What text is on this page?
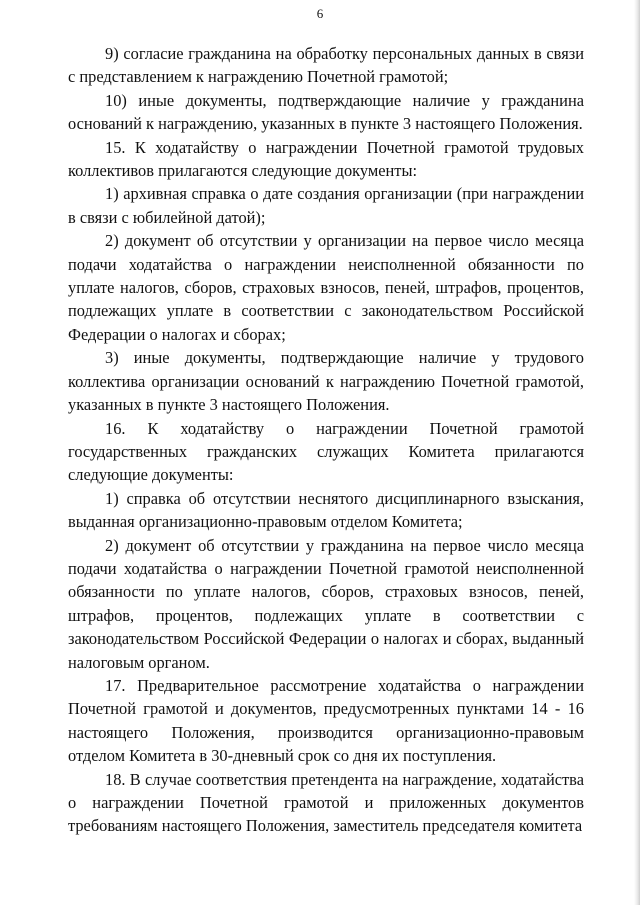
6

9) согласие гражданина на обработку персональных данных в связи с представлением к награждению Почетной грамотой;

10) иные документы, подтверждающие наличие у гражданина оснований к награждению, указанных в пункте 3 настоящего Положения.

15. К ходатайству о награждении Почетной грамотой трудовых коллективов прилагаются следующие документы:

1) архивная справка о дате создания организации (при награждении в связи с юбилейной датой);

2) документ об отсутствии у организации на первое число месяца подачи ходатайства о награждении неисполненной обязанности по уплате налогов, сборов, страховых взносов, пеней, штрафов, процентов, подлежащих уплате в соответствии с законодательством Российской Федерации о налогах и сборах;

3) иные документы, подтверждающие наличие у трудового коллектива организации оснований к награждению Почетной грамотой, указанных в пункте 3 настоящего Положения.

16. К ходатайству о награждении Почетной грамотой государственных гражданских служащих Комитета прилагаются следующие документы:

1) справка об отсутствии неснятого дисциплинарного взыскания, выданная организационно-правовым отделом Комитета;

2) документ об отсутствии у гражданина на первое число месяца подачи ходатайства о награждении Почетной грамотой неисполненной обязанности по уплате налогов, сборов, страховых взносов, пеней, штрафов, процентов, подлежащих уплате в соответствии с законодательством Российской Федерации о налогах и сборах, выданный налоговым органом.

17. Предварительное рассмотрение ходатайства о награждении Почетной грамотой и документов, предусмотренных пунктами 14 - 16 настоящего Положения, производится организационно-правовым отделом Комитета в 30-дневный срок со дня их поступления.

18. В случае соответствия претендента на награждение, ходатайства о награждении Почетной грамотой и приложенных документов требованиям настоящего Положения, заместитель председателя комитета
